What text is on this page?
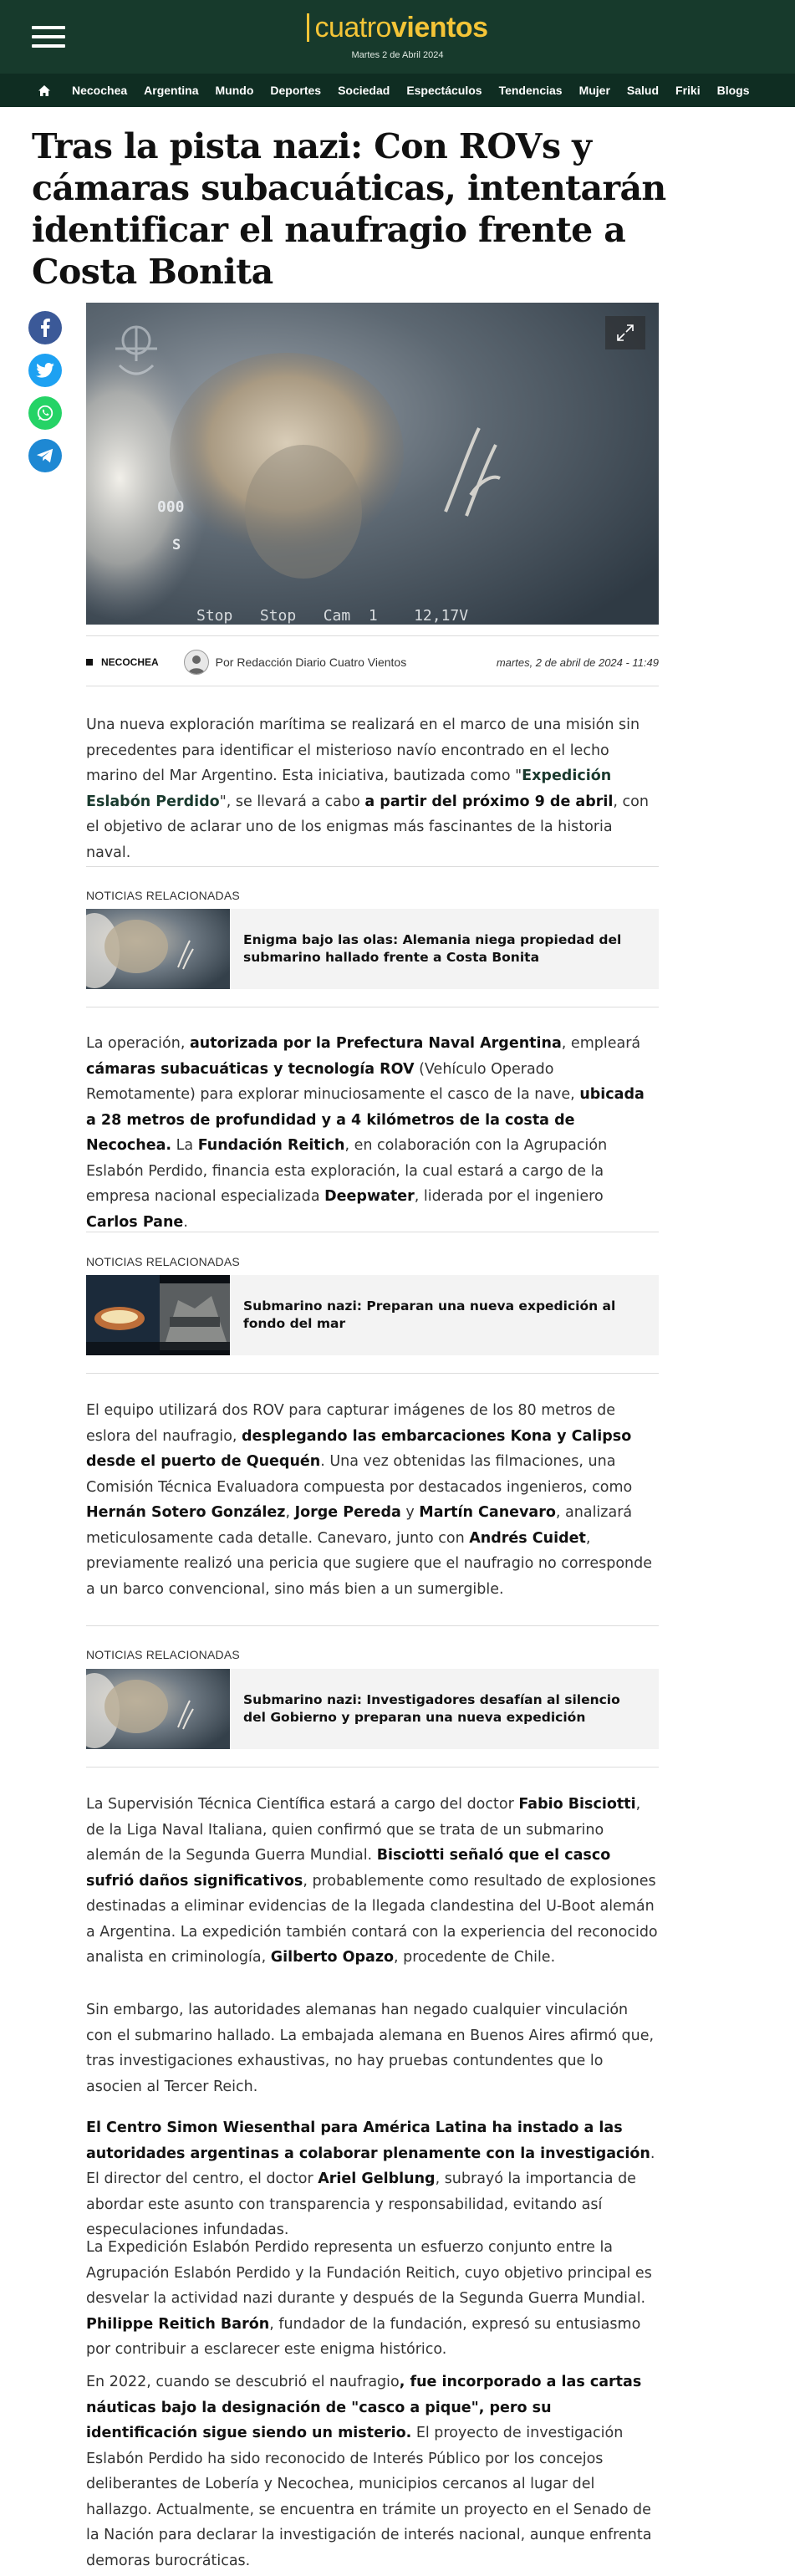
cuatrovientos
Martes 2 de Abril 2024
Necochea Argentina Mundo Deportes Sociedad Espectáculos Tendencias Mujer Salud Friki Blogs
Tras la pista nazi: Con ROVs y cámaras subacuáticas, intentarán identificar el naufragio frente a Costa Bonita
000
S
Stop   Stop   Cam  1    12,17V
NECOCHEA	Por Redacción Diario Cuatro Vientos	martes, 2 de abril de 2024 - 11:49

Una nueva exploración marítima se realizará en el marco de una misión sin precedentes para identificar el misterioso navío encontrado en el lecho marino del Mar Argentino. Esta iniciativa, bautizada como "Expedición Eslabón Perdido", se llevará a cabo a partir del próximo 9 de abril, con el objetivo de aclarar uno de los enigmas más fascinantes de la historia naval.

NOTICIAS RELACIONADAS
Enigma bajo las olas: Alemania niega propiedad del submarino hallado frente a Costa Bonita

La operación, autorizada por la Prefectura Naval Argentina, empleará cámaras subacuáticas y tecnología ROV (Vehículo Operado Remotamente) para explorar minuciosamente el casco de la nave, ubicada a 28 metros de profundidad y a 4 kilómetros de la costa de Necochea. La Fundación Reitich, en colaboración con la Agrupación Eslabón Perdido, financia esta exploración, la cual estará a cargo de la empresa nacional especializada Deepwater, liderada por el ingeniero Carlos Pane.

NOTICIAS RELACIONADAS
Submarino nazi: Preparan una nueva expedición al fondo del mar

El equipo utilizará dos ROV para capturar imágenes de los 80 metros de eslora del naufragio, desplegando las embarcaciones Kona y Calipso desde el puerto de Quequén. Una vez obtenidas las filmaciones, una Comisión Técnica Evaluadora compuesta por destacados ingenieros, como Hernán Sotero González, Jorge Pereda y Martín Canevaro, analizará meticulosamente cada detalle. Canevaro, junto con Andrés Cuidet, previamente realizó una pericia que sugiere que el naufragio no corresponde a un barco convencional, sino más bien a un sumergible.

NOTICIAS RELACIONADAS
Submarino nazi: Investigadores desafían al silencio del Gobierno y preparan una nueva expedición

La Supervisión Técnica Científica estará a cargo del doctor Fabio Bisciotti, de la Liga Naval Italiana, quien confirmó que se trata de un submarino alemán de la Segunda Guerra Mundial. Bisciotti señaló que el casco sufrió daños significativos, probablemente como resultado de explosiones destinadas a eliminar evidencias de la llegada clandestina del U-Boot alemán a Argentina. La expedición también contará con la experiencia del reconocido analista en criminología, Gilberto Opazo, procedente de Chile.

Sin embargo, las autoridades alemanas han negado cualquier vinculación con el submarino hallado. La embajada alemana en Buenos Aires afirmó que, tras investigaciones exhaustivas, no hay pruebas contundentes que lo asocien al Tercer Reich.

El Centro Simon Wiesenthal para América Latina ha instado a las autoridades argentinas a colaborar plenamente con la investigación. El director del centro, el doctor Ariel Gelblung, subrayó la importancia de abordar este asunto con transparencia y responsabilidad, evitando así especulaciones infundadas.

La Expedición Eslabón Perdido representa un esfuerzo conjunto entre la Agrupación Eslabón Perdido y la Fundación Reitich, cuyo objetivo principal es desvelar la actividad nazi durante y después de la Segunda Guerra Mundial. Philippe Reitich Barón, fundador de la fundación, expresó su entusiasmo por contribuir a esclarecer este enigma histórico.

En 2022, cuando se descubrió el naufragio, fue incorporado a las cartas náuticas bajo la designación de "casco a pique", pero su identificación sigue siendo un misterio. El proyecto de investigación Eslabón Perdido ha sido reconocido de Interés Público por los concejos deliberantes de Lobería y Necochea, municipios cercanos al lugar del hallazgo. Actualmente, se encuentra en trámite un proyecto en el Senado de la Nación para declarar la investigación de interés nacional, aunque enfrenta demoras burocráticas.
